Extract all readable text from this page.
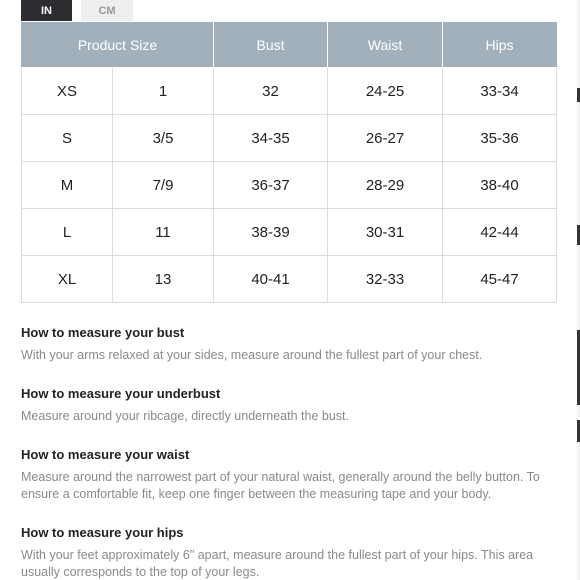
IN	CM
Product Size		Bust	Waist	Hips
XS	1	32	24-25	33-34
S	3/5	34-35	26-27	35-36
M	7/9	36-37	28-29	38-40
L	11	38-39	30-31	42-44
XL	13	40-41	32-33	45-47
How to measure your bust
With your arms relaxed at your sides, measure around the fullest part of your chest.
How to measure your underbust
Measure around your ribcage, directly underneath the bust.
How to measure your waist
Measure around the narrowest part of your natural waist, generally around the belly button. To ensure a comfortable fit, keep one finger between the measuring tape and your body.
How to measure your hips
With your feet approximately 6" apart, measure around the fullest part of your hips. This area usually corresponds to the top of your legs.
